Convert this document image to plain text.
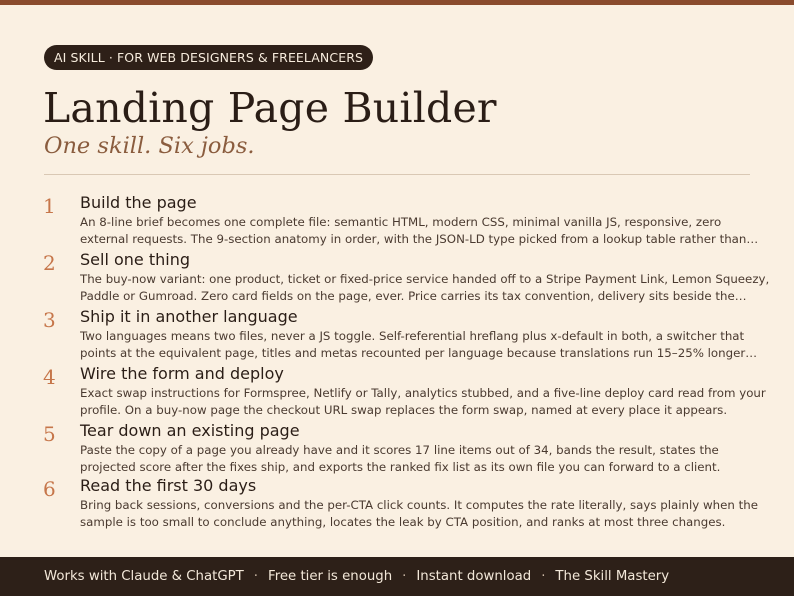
AI SKILL · FOR WEB DESIGNERS & FREELANCERS
Landing Page Builder
One skill. Six jobs.
1 Build the page
An 8-line brief becomes one complete file: semantic HTML, modern CSS, minimal vanilla JS, responsive, zero
external requests. The 9-section anatomy in order, with the JSON-LD type picked from a lookup table rather than…
2 Sell one thing
The buy-now variant: one product, ticket or fixed-price service handed off to a Stripe Payment Link, Lemon Squeezy,
Paddle or Gumroad. Zero card fields on the page, ever. Price carries its tax convention, delivery sits beside the…
3 Ship it in another language
Two languages means two files, never a JS toggle. Self-referential hreflang plus x-default in both, a switcher that
points at the equivalent page, titles and metas recounted per language because translations run 15–25% longer…
4 Wire the form and deploy
Exact swap instructions for Formspree, Netlify or Tally, analytics stubbed, and a five-line deploy card read from your
profile. On a buy-now page the checkout URL swap replaces the form swap, named at every place it appears.
5 Tear down an existing page
Paste the copy of a page you already have and it scores 17 line items out of 34, bands the result, states the
projected score after the fixes ship, and exports the ranked fix list as its own file you can forward to a client.
6 Read the first 30 days
Bring back sessions, conversions and the per-CTA click counts. It computes the rate literally, says plainly when the
sample is too small to conclude anything, locates the leak by CTA position, and ranks at most three changes.
Works with Claude & ChatGPT · Free tier is enough · Instant download · The Skill Mastery
